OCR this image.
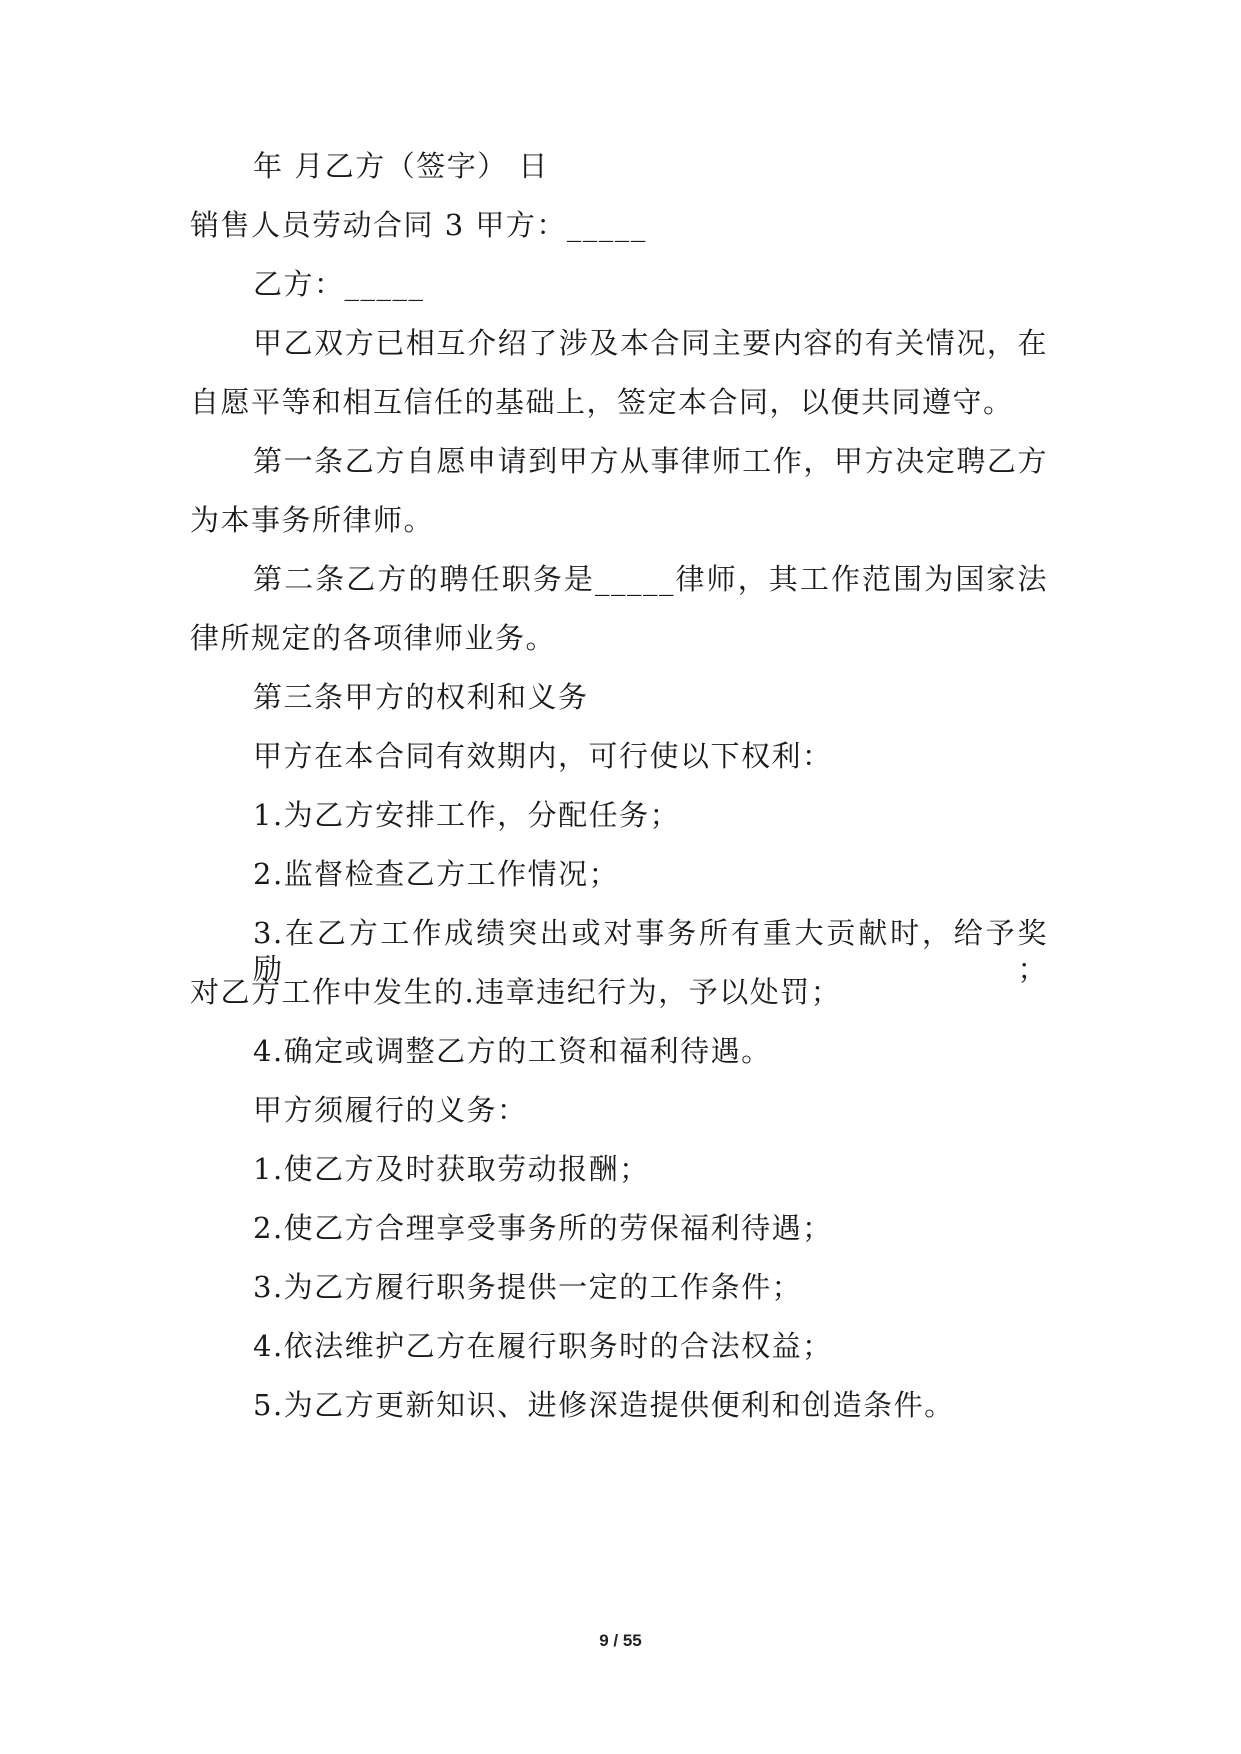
年 月乙方（签字） 日
销售人员劳动合同 3 甲方：_____
乙方：_____
甲乙双方已相互介绍了涉及本合同主要内容的有关情况，在
自愿平等和相互信任的基础上，签定本合同，以便共同遵守。
第一条乙方自愿申请到甲方从事律师工作，甲方决定聘乙方
为本事务所律师。
第二条乙方的聘任职务是_____律师，其工作范围为国家法
律所规定的各项律师业务。
第三条甲方的权利和义务
甲方在本合同有效期内，可行使以下权利：
1.为乙方安排工作，分配任务；
2.监督检查乙方工作情况；
3.在乙方工作成绩突出或对事务所有重大贡献时，给予奖励；
对乙方工作中发生的.违章违纪行为，予以处罚；
4.确定或调整乙方的工资和福利待遇。
甲方须履行的义务：
1.使乙方及时获取劳动报酬；
2.使乙方合理享受事务所的劳保福利待遇；
3.为乙方履行职务提供一定的工作条件；
4.依法维护乙方在履行职务时的合法权益；
5.为乙方更新知识、进修深造提供便利和创造条件。
9 / 55
